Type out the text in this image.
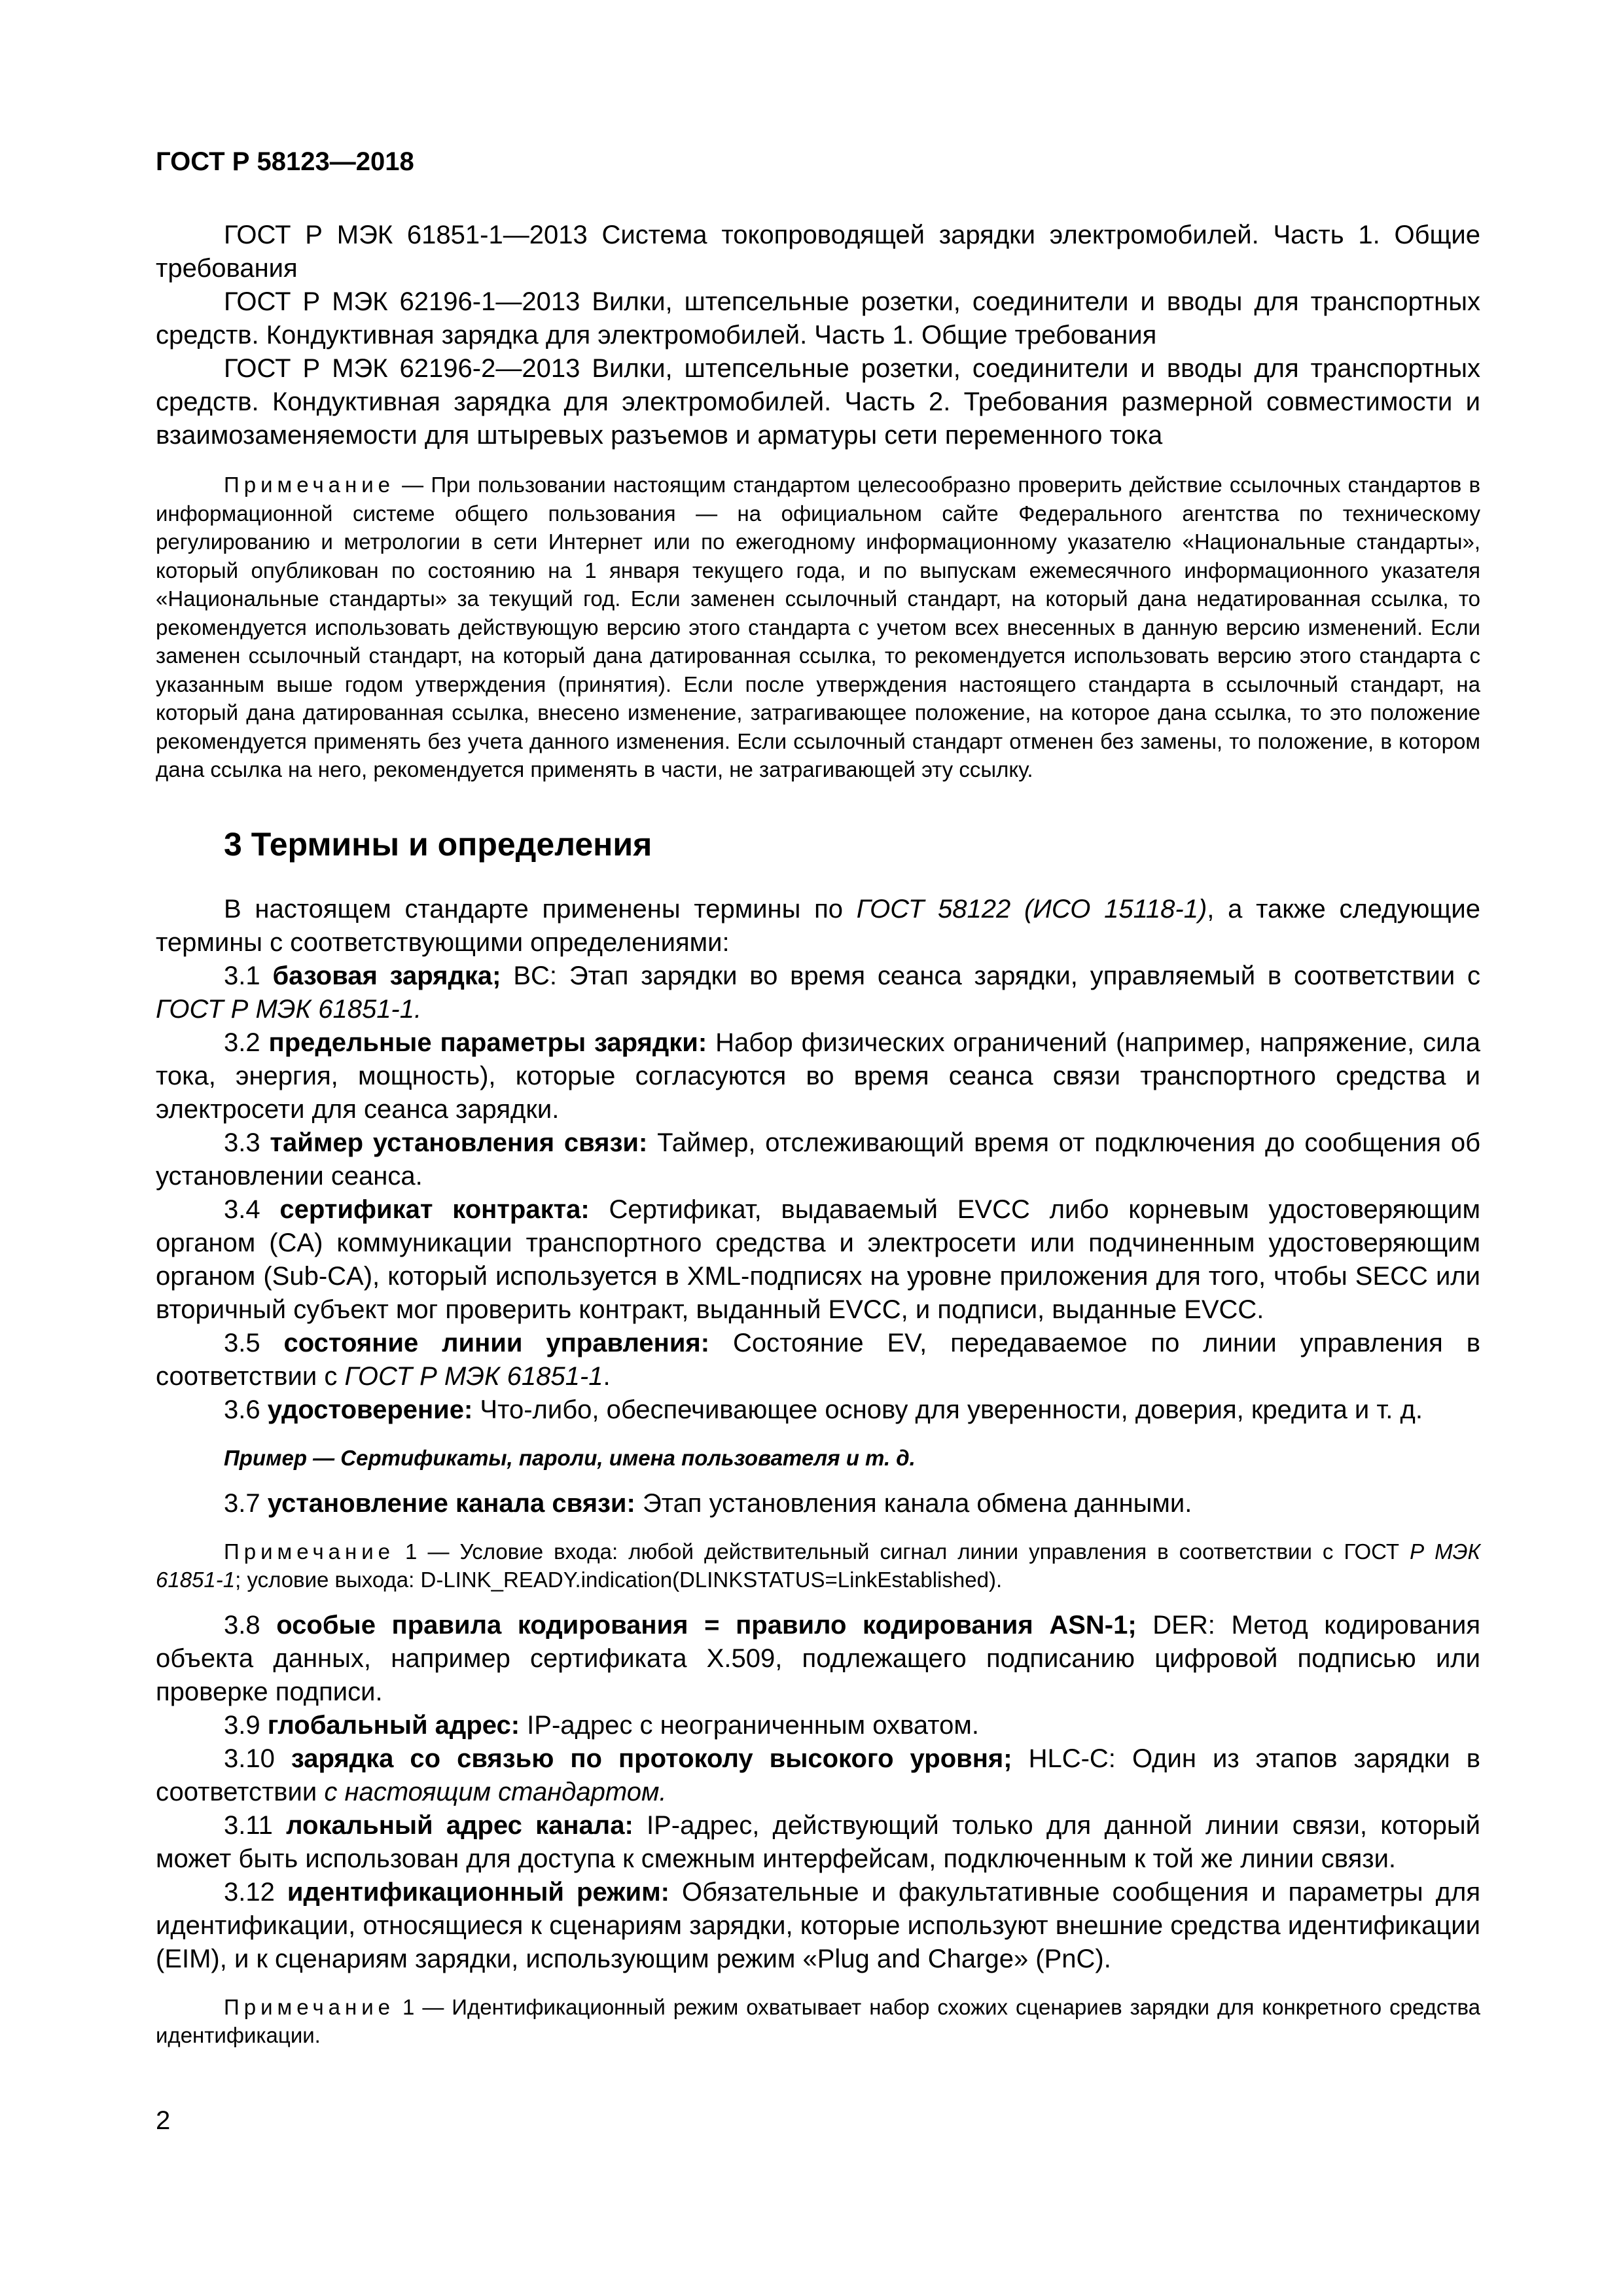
ГОСТ Р 58123—2018

ГОСТ Р МЭК 61851-1—2013 Система токопроводящей зарядки электромобилей. Часть 1. Общие требования

ГОСТ Р МЭК 62196-1—2013 Вилки, штепсельные розетки, соединители и вводы для транспортных средств. Кондуктивная зарядка для электромобилей. Часть 1. Общие требования

ГОСТ Р МЭК 62196-2—2013 Вилки, штепсельные розетки, соединители и вводы для транспортных средств. Кондуктивная зарядка для электромобилей. Часть 2. Требования размерной совместимости и взаимозаменяемости для штыревых разъемов и арматуры сети переменного тока

Примечание — При пользовании настоящим стандартом целесообразно проверить действие ссылочных стандартов в информационной системе общего пользования — на официальном сайте Федерального агентства по техническому регулированию и метрологии в сети Интернет или по ежегодному информационному указателю «Национальные стандарты», который опубликован по состоянию на 1 января текущего года, и по выпускам ежемесячного информационного указателя «Национальные стандарты» за текущий год. Если заменен ссылочный стандарт, на который дана недатированная ссылка, то рекомендуется использовать действующую версию этого стандарта с учетом всех внесенных в данную версию изменений. Если заменен ссылочный стандарт, на который дана датированная ссылка, то рекомендуется использовать версию этого стандарта с указанным выше годом утверждения (принятия). Если после утверждения настоящего стандарта в ссылочный стандарт, на который дана датированная ссылка, внесено изменение, затрагивающее положение, на которое дана ссылка, то это положение рекомендуется применять без учета данного изменения. Если ссылочный стандарт отменен без замены, то положение, в котором дана ссылка на него, рекомендуется применять в части, не затрагивающей эту ссылку.

3 Термины и определения

В настоящем стандарте применены термины по ГОСТ 58122 (ИСО 15118-1), а также следующие термины с соответствующими определениями:

3.1 базовая зарядка; BC: Этап зарядки во время сеанса зарядки, управляемый в соответствии с ГОСТ Р МЭК 61851-1.

3.2 предельные параметры зарядки: Набор физических ограничений (например, напряжение, сила тока, энергия, мощность), которые согласуются во время сеанса связи транспортного средства и электросети для сеанса зарядки.

3.3 таймер установления связи: Таймер, отслеживающий время от подключения до сообщения об установлении сеанса.

3.4 сертификат контракта: Сертификат, выдаваемый EVCC либо корневым удостоверяющим органом (CA) коммуникации транспортного средства и электросети или подчиненным удостоверяющим органом (Sub-CA), который используется в XML-подписях на уровне приложения для того, чтобы SECC или вторичный субъект мог проверить контракт, выданный EVCC, и подписи, выданные EVCC.

3.5 состояние линии управления: Состояние EV, передаваемое по линии управления в соответствии с ГОСТ Р МЭК 61851-1.

3.6 удостоверение: Что-либо, обеспечивающее основу для уверенности, доверия, кредита и т. д.

Пример — Сертификаты, пароли, имена пользователя и т. д.

3.7 установление канала связи: Этап установления канала обмена данными.

Примечание 1 — Условие входа: любой действительный сигнал линии управления в соответствии с ГОСТ Р МЭК 61851-1; условие выхода: D-LINK_READY.indication(DLINKSTATUS=LinkEstablished).

3.8 особые правила кодирования = правило кодирования ASN-1; DER: Метод кодирования объекта данных, например сертификата X.509, подлежащего подписанию цифровой подписью или проверке подписи.

3.9 глобальный адрес: IP-адрес с неограниченным охватом.

3.10 зарядка со связью по протоколу высокого уровня; HLC-C: Один из этапов зарядки в соответствии с настоящим стандартом.

3.11 локальный адрес канала: IP-адрес, действующий только для данной линии связи, который может быть использован для доступа к смежным интерфейсам, подключенным к той же линии связи.

3.12 идентификационный режим: Обязательные и факультативные сообщения и параметры для идентификации, относящиеся к сценариям зарядки, которые используют внешние средства идентификации (EIM), и к сценариям зарядки, использующим режим «Plug and Charge» (PnC).

Примечание 1 — Идентификационный режим охватывает набор схожих сценариев зарядки для конкретного средства идентификации.

2
